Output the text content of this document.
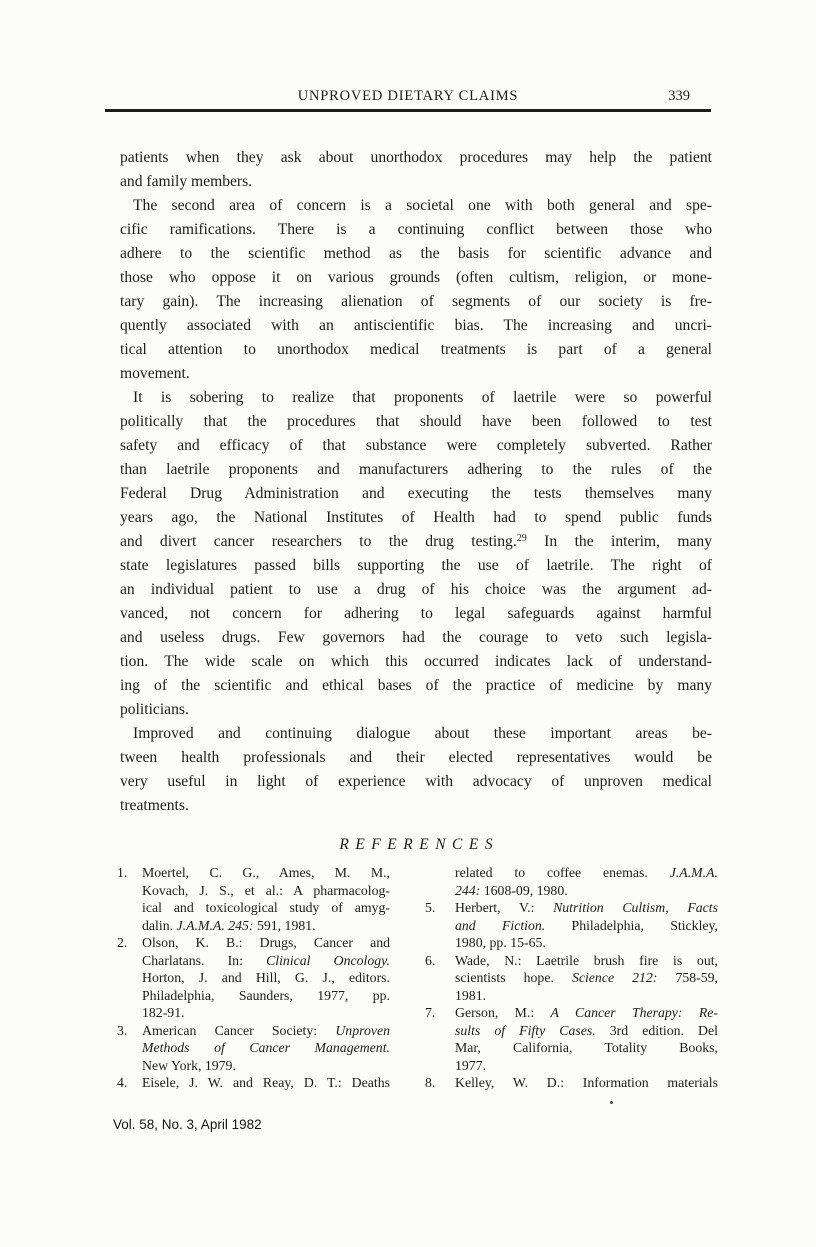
UNPROVED DIETARY CLAIMS	339
patients when they ask about unorthodox procedures may help the patient
and family members.
The second area of concern is a societal one with both general and spe-
cific ramifications. There is a continuing conflict between those who
adhere to the scientific method as the basis for scientific advance and
those who oppose it on various grounds (often cultism, religion, or mone-
tary gain). The increasing alienation of segments of our society is fre-
quently associated with an antiscientific bias. The increasing and uncri-
tical attention to unorthodox medical treatments is part of a general
movement.
It is sobering to realize that proponents of laetrile were so powerful
politically that the procedures that should have been followed to test
safety and efficacy of that substance were completely subverted. Rather
than laetrile proponents and manufacturers adhering to the rules of the
Federal Drug Administration and executing the tests themselves many
years ago, the National Institutes of Health had to spend public funds
and divert cancer researchers to the drug testing.$^{29}$ In the interim, many
state legislatures passed bills supporting the use of laetrile. The right of
an individual patient to use a drug of his choice was the argument ad-
vanced, not concern for adhering to legal safeguards against harmful
and useless drugs. Few governors had the courage to veto such legisla-
tion. The wide scale on which this occurred indicates lack of understand-
ing of the scientific and ethical bases of the practice of medicine by many
politicians.
Improved and continuing dialogue about these important areas be-
tween health professionals and their elected representatives would be
very useful in light of experience with advocacy of unproven medical
treatments.
REFERENCES
1. Moertel, C. G., Ames, M. M.,
Kovach, J. S., et al.: A pharmacolog-
ical and toxicological study of amyg-
dalin. J.A.M.A. 245: 591, 1981.
2. Olson, K. B.: Drugs, Cancer and
Charlatans. In: Clinical Oncology.
Horton, J. and Hill, G. J., editors.
Philadelphia, Saunders, 1977, pp.
182-91.
3. American Cancer Society: Unproven
Methods of Cancer Management.
New York, 1979.
4. Eisele, J. W. and Reay, D. T.: Deaths
related to coffee enemas. J.A.M.A.
244: 1608-09, 1980.
5. Herbert, V.: Nutrition Cultism, Facts
and Fiction. Philadelphia, Stickley,
1980, pp. 15-65.
6. Wade, N.: Laetrile brush fire is out,
scientists hope. Science 212: 758-59,
1981.
7. Gerson, M.: A Cancer Therapy: Re-
sults of Fifty Cases. 3rd edition. Del
Mar, California, Totality Books,
1977.
8. Kelley, W. D.: Information materials
Vol. 58, No. 3, April 1982
